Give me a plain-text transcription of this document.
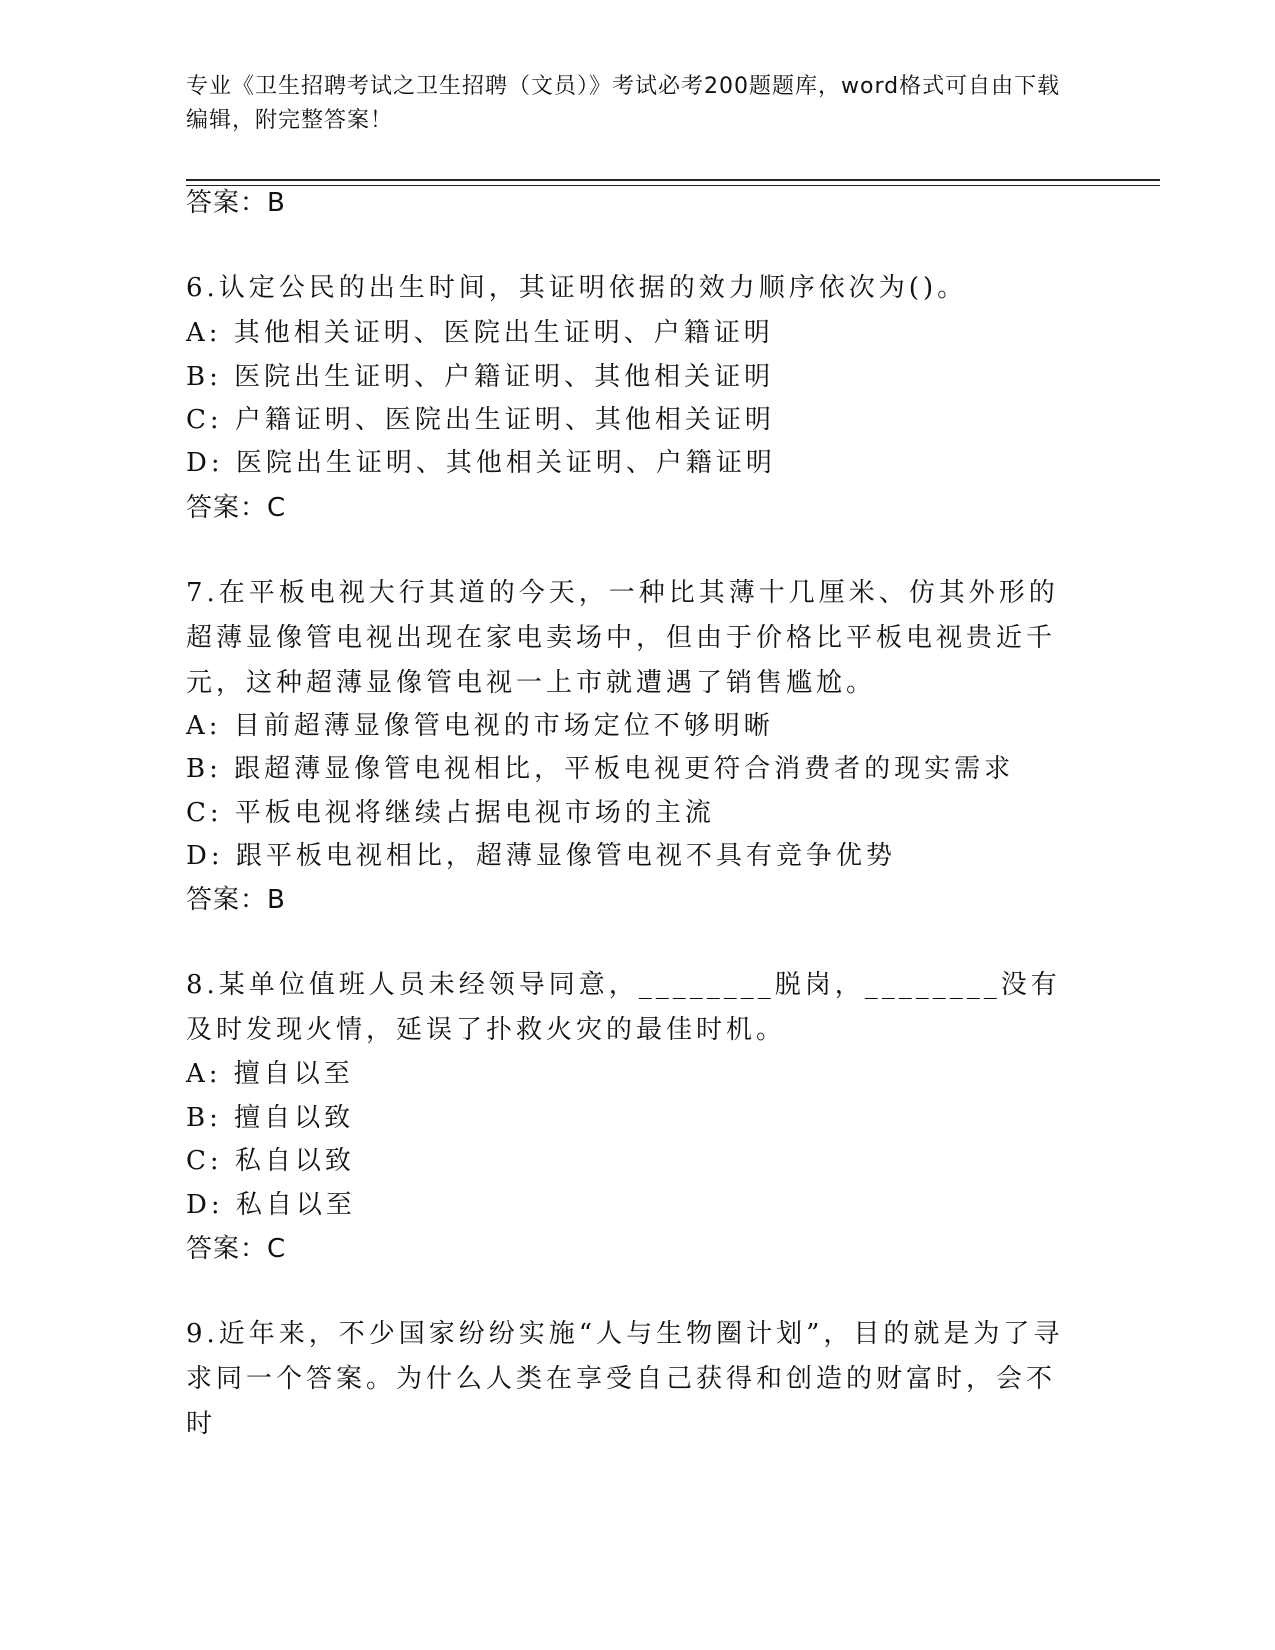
专业《卫生招聘考试之卫生招聘（文员）》考试必考200题题库，word格式可自由下载编辑，附完整答案！
答案：B
6.认定公民的出生时间，其证明依据的效力顺序依次为()。
A: 其他相关证明、医院出生证明、户籍证明
B: 医院出生证明、户籍证明、其他相关证明
C: 户籍证明、医院出生证明、其他相关证明
D: 医院出生证明、其他相关证明、户籍证明
答案：C
7.在平板电视大行其道的今天，一种比其薄十几厘米、仿其外形的超薄显像管电视出现在家电卖场中，但由于价格比平板电视贵近千元，这种超薄显像管电视一上市就遭遇了销售尴尬。
A: 目前超薄显像管电视的市场定位不够明晰
B: 跟超薄显像管电视相比，平板电视更符合消费者的现实需求
C: 平板电视将继续占据电视市场的主流
D: 跟平板电视相比，超薄显像管电视不具有竞争优势
答案：B
8.某单位值班人员未经领导同意，________脱岗，________没有及时发现火情，延误了扑救火灾的最佳时机。
A: 擅自以至
B: 擅自以致
C: 私自以致
D: 私自以至
答案：C
9.近年来，不少国家纷纷实施“人与生物圈计划”，目的就是为了寻求同一个答案。为什么人类在享受自己获得和创造的财富时，会不时
